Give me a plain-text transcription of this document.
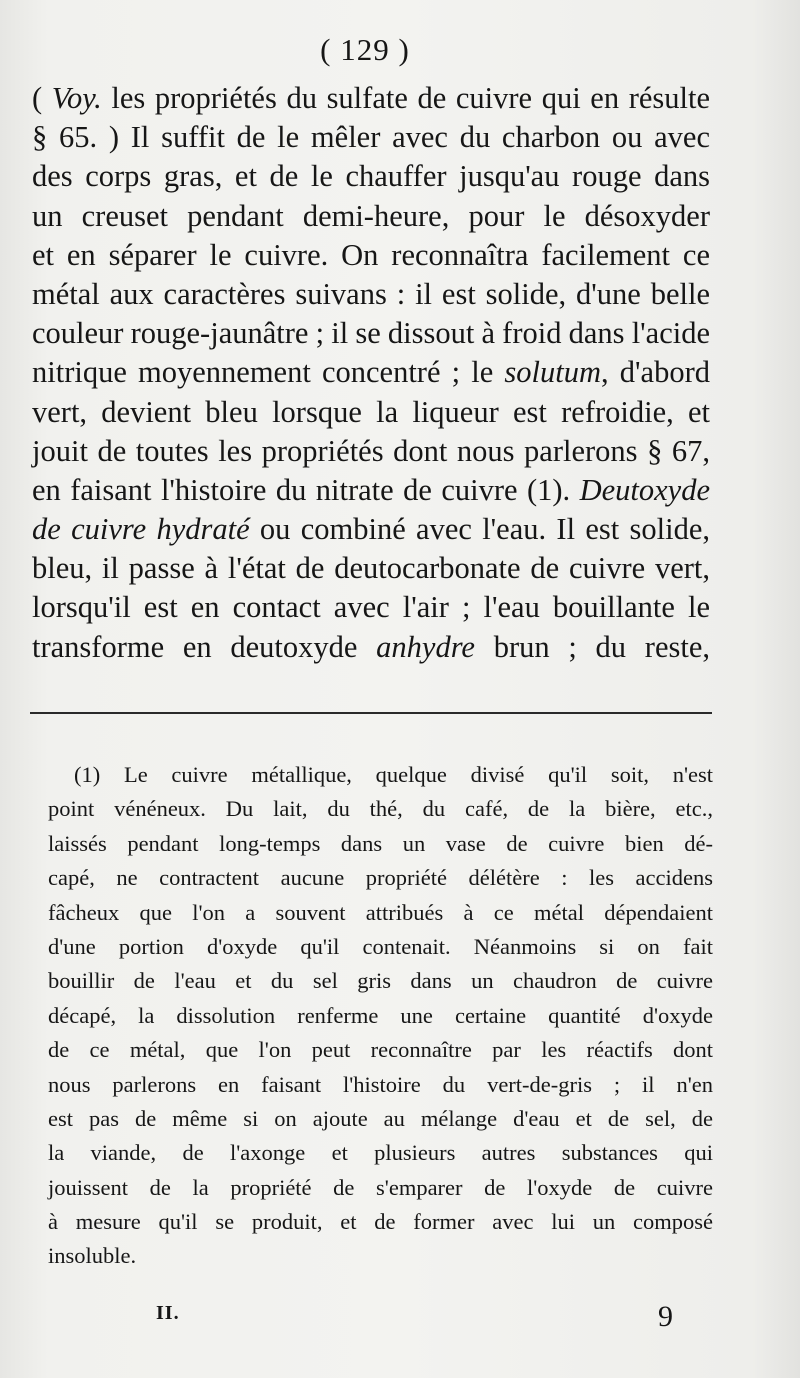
( 129 )
( Voy. les propriétés du sulfate de cuivre qui en résulte
§ 65. ) Il suffit de le mêler avec du charbon ou avec
des corps gras, et de le chauffer jusqu'au rouge dans
un creuset pendant demi-heure, pour le désoxyder
et en séparer le cuivre. On reconnaîtra facilement ce
métal aux caractères suivans : il est solide, d'une belle
couleur rouge-jaunâtre ; il se dissout à froid dans l'acide
nitrique moyennement concentré ; le solutum, d'abord
vert, devient bleu lorsque la liqueur est refroidie, et
jouit de toutes les propriétés dont nous parlerons § 67,
en faisant l'histoire du nitrate de cuivre (1). Deutoxyde
de cuivre hydraté ou combiné avec l'eau. Il est solide,
bleu, il passe à l'état de deutocarbonate de cuivre vert,
lorsqu'il est en contact avec l'air ; l'eau bouillante le
transforme en deutoxyde anhydre brun ; du reste,
(1) Le cuivre métallique, quelque divisé qu'il soit, n'est
point vénéneux. Du lait, du thé, du café, de la bière, etc.,
laissés pendant long-temps dans un vase de cuivre bien dé-
capé, ne contractent aucune propriété délétère : les accidens
fâcheux que l'on a souvent attribués à ce métal dépendaient
d'une portion d'oxyde qu'il contenait. Néanmoins si on fait
bouillir de l'eau et du sel gris dans un chaudron de cuivre
décapé, la dissolution renferme une certaine quantité d'oxyde
de ce métal, que l'on peut reconnaître par les réactifs dont
nous parlerons en faisant l'histoire du vert-de-gris ; il n'en
est pas de même si on ajoute au mélange d'eau et de sel, de
la viande, de l'axonge et plusieurs autres substances qui
jouissent de la propriété de s'emparer de l'oxyde de cuivre
à mesure qu'il se produit, et de former avec lui un composé
insoluble.
II.	9
